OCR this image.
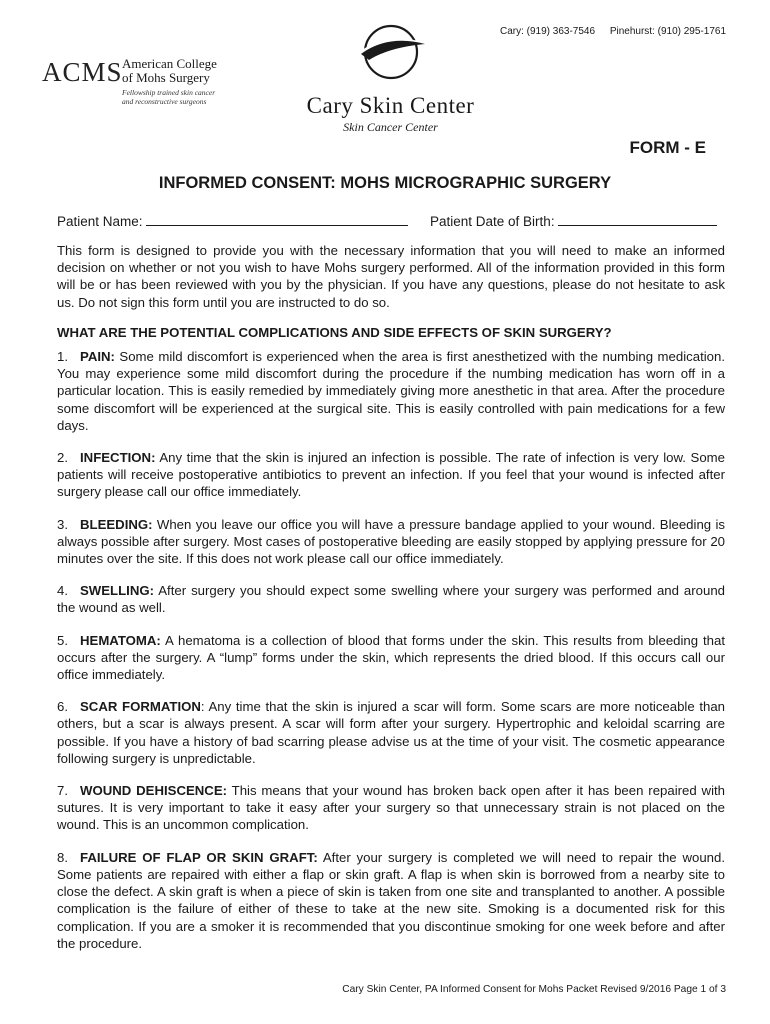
Cary: (919) 363-7546 Pinehurst: (910) 295-1761
ACMS American College
of Mohs Surgery
Fellowship trained skin cancer
and reconstructive surgeons	Cary Skin Center
Skin Cancer Center
FORM - E
INFORMED CONSENT: MOHS MICROGRAPHIC SURGERY
Patient Name:	Patient Date of Birth:

This form is designed to provide you with the necessary information that you will need to make an informed decision on whether or not you wish to have Mohs surgery performed. All of the information provided in this form will be or has been reviewed with you by the physician. If you have any questions, please do not hesitate to ask us. Do not sign this form until you are instructed to do so.

WHAT ARE THE POTENTIAL COMPLICATIONS AND SIDE EFFECTS OF SKIN SURGERY?

1. PAIN: Some mild discomfort is experienced when the area is first anesthetized with the numbing medication. You may experience some mild discomfort during the procedure if the numbing medication has worn off in a particular location. This is easily remedied by immediately giving more anesthetic in that area. After the procedure some discomfort will be experienced at the surgical site. This is easily controlled with pain medications for a few days.

2. INFECTION: Any time that the skin is injured an infection is possible. The rate of infection is very low. Some patients will receive postoperative antibiotics to prevent an infection. If you feel that your wound is infected after surgery please call our office immediately.

3. BLEEDING: When you leave our office you will have a pressure bandage applied to your wound. Bleeding is always possible after surgery. Most cases of postoperative bleeding are easily stopped by applying pressure for 20 minutes over the site. If this does not work please call our office immediately.

4. SWELLING: After surgery you should expect some swelling where your surgery was performed and around the wound as well.

5. HEMATOMA: A hematoma is a collection of blood that forms under the skin. This results from bleeding that occurs after the surgery. A “lump” forms under the skin, which represents the dried blood. If this occurs call our office immediately.

6. SCAR FORMATION: Any time that the skin is injured a scar will form. Some scars are more noticeable than others, but a scar is always present. A scar will form after your surgery. Hypertrophic and keloidal scarring are possible. If you have a history of bad scarring please advise us at the time of your visit. The cosmetic appearance following surgery is unpredictable.

7. WOUND DEHISCENCE: This means that your wound has broken back open after it has been repaired with sutures. It is very important to take it easy after your surgery so that unnecessary strain is not placed on the wound. This is an uncommon complication.

8. FAILURE OF FLAP OR SKIN GRAFT: After your surgery is completed we will need to repair the wound. Some patients are repaired with either a flap or skin graft. A flap is when skin is borrowed from a nearby site to close the defect. A skin graft is when a piece of skin is taken from one site and transplanted to another. A possible complication is the failure of either of these to take at the new site. Smoking is a documented risk for this complication. If you are a smoker it is recommended that you discontinue smoking for one week before and after the procedure.

Cary Skin Center, PA Informed Consent for Mohs Packet Revised 9/2016 Page 1 of 3
